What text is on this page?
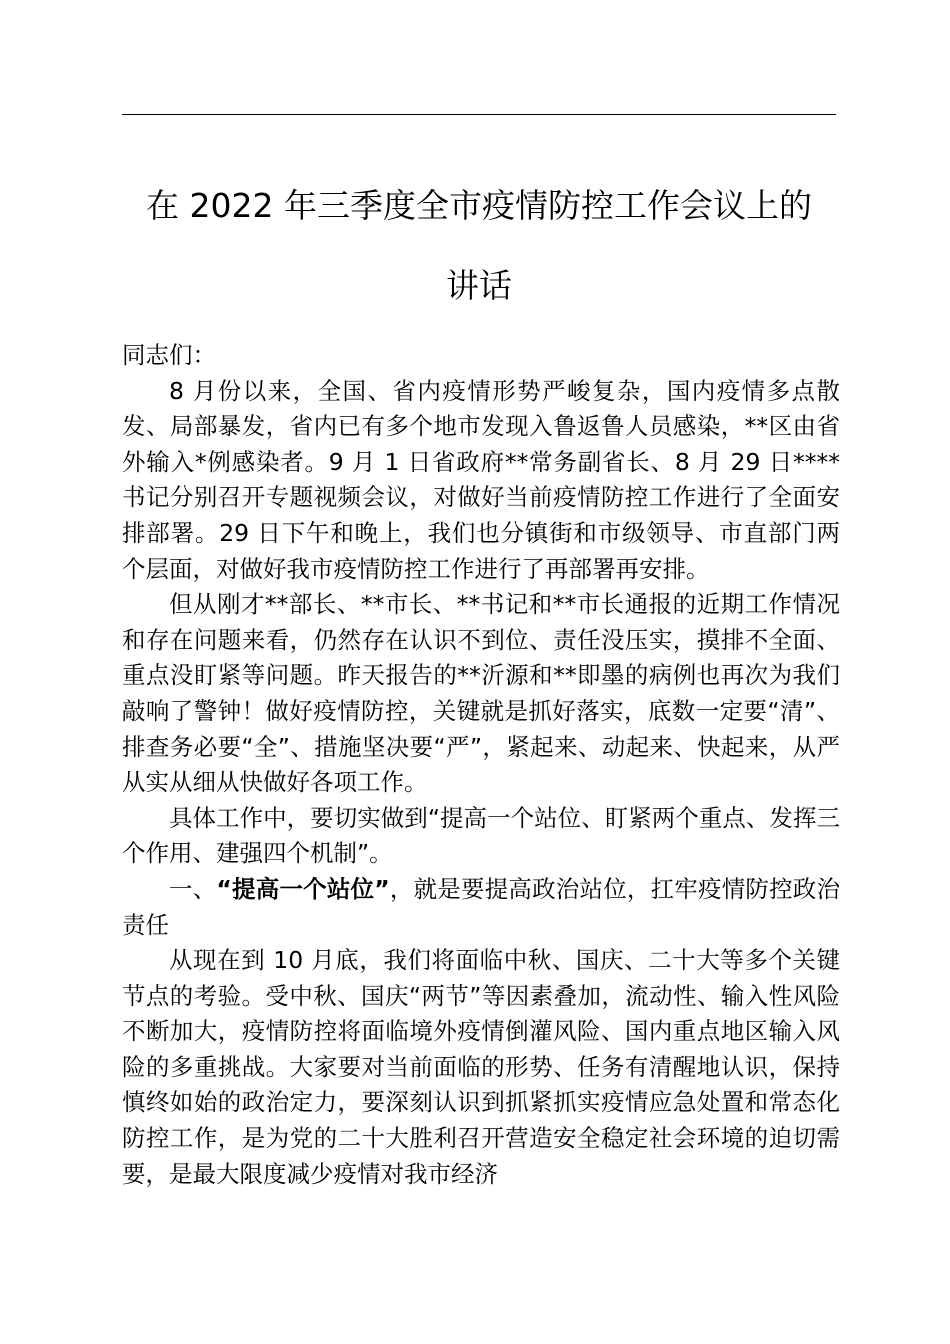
在 2022 年三季度全市疫情防控工作会议上的
讲话

同志们：

8 月份以来，全国、省内疫情形势严峻复杂，国内疫情多点散发、局部暴发，省内已有多个地市发现入鲁返鲁人员感染，**区由省外输入*例感染者。9 月 1 日省政府**常务副省长、8 月 29 日****书记分别召开专题视频会议，对做好当前疫情防控工作进行了全面安排部署。29 日下午和晚上，我们也分镇街和市级领导、市直部门两个层面，对做好我市疫情防控工作进行了再部署再安排。

但从刚才**部长、**市长、**书记和**市长通报的近期工作情况和存在问题来看，仍然存在认识不到位、责任没压实，摸排不全面、重点没盯紧等问题。昨天报告的**沂源和**即墨的病例也再次为我们敲响了警钟！做好疫情防控，关键就是抓好落实，底数一定要“清”、排查务必要“全”、措施坚决要“严”，紧起来、动起来、快起来，从严从实从细从快做好各项工作。

具体工作中，要切实做到“提高一个站位、盯紧两个重点、发挥三个作用、建强四个机制”。

一、“提高一个站位”，就是要提高政治站位，扛牢疫情防控政治责任

从现在到 10 月底，我们将面临中秋、国庆、二十大等多个关键节点的考验。受中秋、国庆“两节”等因素叠加，流动性、输入性风险不断加大，疫情防控将面临境外疫情倒灌风险、国内重点地区输入风险的多重挑战。大家要对当前面临的形势、任务有清醒地认识，保持慎终如始的政治定力，要深刻认识到抓紧抓实疫情应急处置和常态化防控工作，是为党的二十大胜利召开营造安全稳定社会环境的迫切需要，是最大限度减少疫情对我市经济
